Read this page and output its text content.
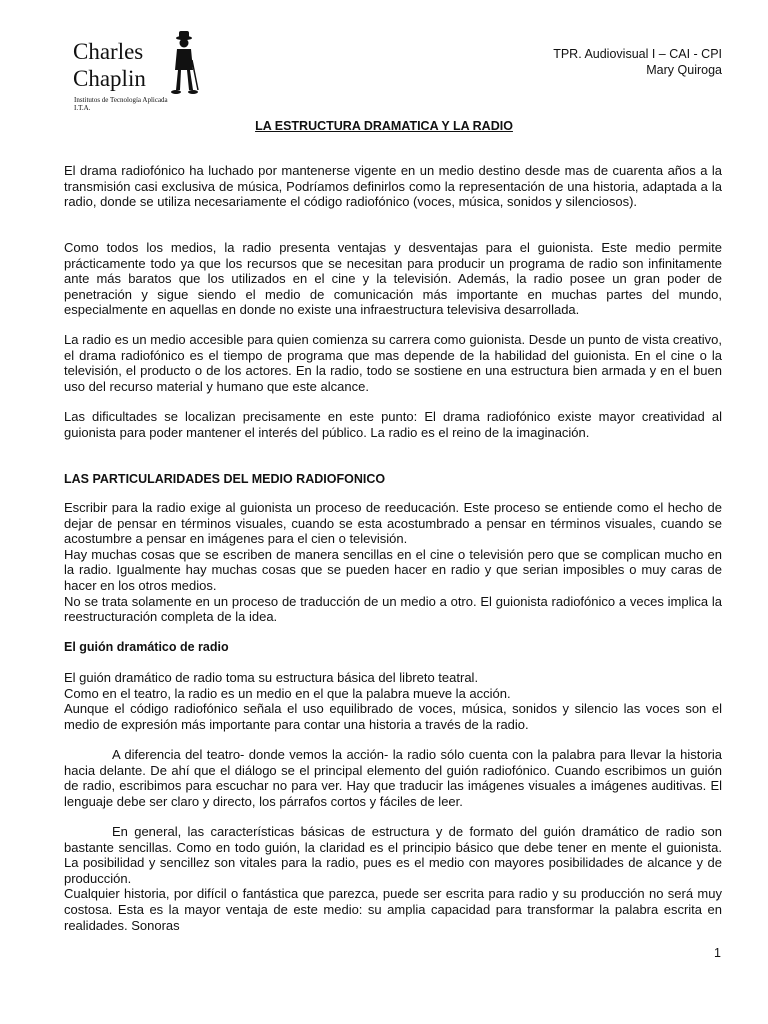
Charles
Chaplin
Institutos de Tecnología Aplicada
I.T.A.
TPR. Audiovisual I – CAI - CPI
Mary Quiroga
LA ESTRUCTURA DRAMATICA Y LA RADIO

El drama radiofónico ha luchado por mantenerse vigente en un medio destino desde mas de cuarenta años a la transmisión casi exclusiva de música, Podríamos definirlos como la representación de una historia, adaptada a la radio, donde se utiliza necesariamente el código radiofónico (voces, música, sonidos y silenciosos).

Como todos los medios, la radio presenta ventajas y desventajas para el guionista. Este medio permite prácticamente todo ya que los recursos que se necesitan para producir un programa de radio son infinitamente ante más baratos que los utilizados en el cine y la televisión. Además, la radio posee un gran poder de penetración y sigue siendo el medio de comunicación más importante en muchas partes del mundo, especialmente en aquellas en donde no existe una infraestructura televisiva desarrollada.

La radio es un medio accesible para quien comienza su carrera como guionista. Desde un punto de vista creativo, el drama radiofónico es el tiempo de programa que mas depende de la habilidad del guionista. En el cine o la televisión, el producto o de los actores. En la radio, todo se sostiene en una estructura bien armada y en el buen uso del recurso material y humano que este alcance.

Las dificultades se localizan precisamente en este punto: El drama radiofónico existe mayor creatividad al guionista para poder mantener el interés del público. La radio es el reino de la imaginación.

LAS PARTICULARIDADES DEL MEDIO RADIOFONICO

Escribir para la radio exige al guionista un proceso de reeducación. Este proceso se entiende como el hecho de dejar de pensar en términos visuales, cuando se esta acostumbrado a pensar en términos visuales, cuando se acostumbre a pensar en imágenes para el cien o televisión.

Hay muchas cosas que se escriben de manera sencillas en el cine o televisión pero que se complican mucho en la radio. Igualmente hay muchas cosas que se pueden hacer en radio y que serian imposibles o muy caras de hacer en los otros medios.

No se trata solamente en un proceso de traducción de un medio a otro. El guionista radiofónico a veces implica la reestructuración completa de la idea.

El guión dramático de radio

El guión dramático de radio toma su estructura básica del libreto teatral.

Como en el teatro, la radio es un medio en el que la palabra mueve la acción.

Aunque el código radiofónico señala el uso equilibrado de voces, música, sonidos y silencio las voces son el medio de expresión más importante para contar una historia a través de la radio.

A diferencia del teatro- donde vemos la acción- la radio sólo cuenta con la palabra para llevar la historia hacia delante. De ahí que el diálogo se el principal elemento del guión radiofónico. Cuando escribimos un guión de radio, escribimos para escuchar no para ver. Hay que traducir las imágenes visuales a imágenes auditivas. El lenguaje debe ser claro y directo, los párrafos cortos y fáciles de leer.

En general, las características básicas de estructura y de formato del guión dramático de radio son bastante sencillas. Como en todo guión, la claridad es el principio básico que debe tener en mente el guionista. La posibilidad y sencillez son vitales para la radio, pues es el medio con mayores posibilidades de alcance y de producción.

Cualquier historia, por difícil o fantástica que parezca, puede ser escrita para radio y su producción no será muy costosa. Esta es la mayor ventaja de este medio: su amplia capacidad para transformar la palabra escrita en realidades. Sonoras

1
